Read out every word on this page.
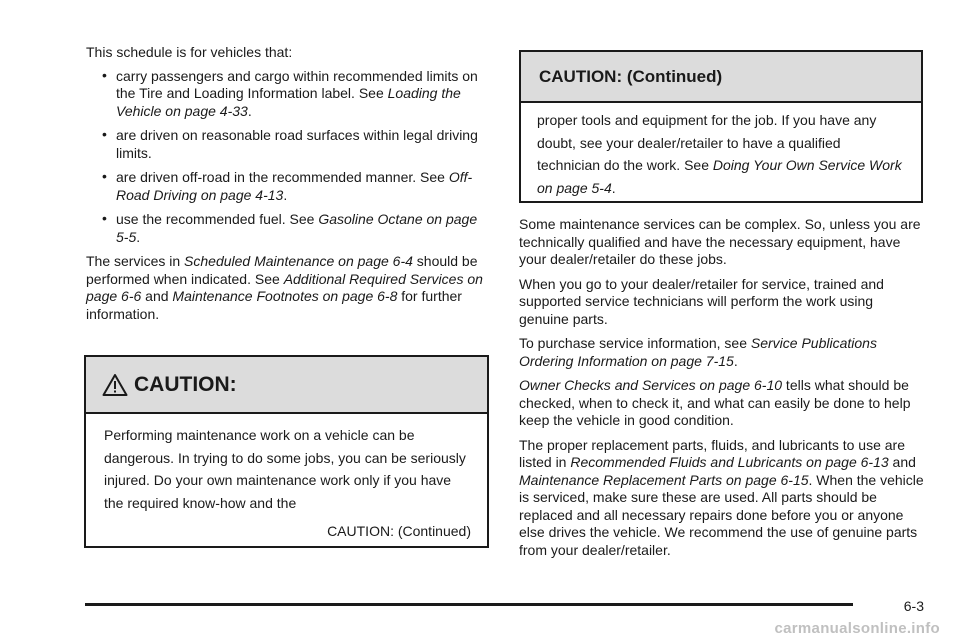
This schedule is for vehicles that:

• carry passengers and cargo within recommended limits on the Tire and Loading Information label. See Loading the Vehicle on page 4-33.
• are driven on reasonable road surfaces within legal driving limits.
• are driven off-road in the recommended manner. See Off-Road Driving on page 4-13.
• use the recommended fuel. See Gasoline Octane on page 5-5.

The services in Scheduled Maintenance on page 6-4 should be performed when indicated. See Additional Required Services on page 6-6 and Maintenance Footnotes on page 6-8 for further information.

CAUTION:

Performing maintenance work on a vehicle can be dangerous. In trying to do some jobs, you can be seriously injured. Do your own maintenance work only if you have the required know-how and the

CAUTION: (Continued)

CAUTION: (Continued)

proper tools and equipment for the job. If you have any doubt, see your dealer/retailer to have a qualified technician do the work. See Doing Your Own Service Work on page 5-4.

Some maintenance services can be complex. So, unless you are technically qualified and have the necessary equipment, have your dealer/retailer do these jobs.

When you go to your dealer/retailer for service, trained and supported service technicians will perform the work using genuine parts.

To purchase service information, see Service Publications Ordering Information on page 7-15.

Owner Checks and Services on page 6-10 tells what should be checked, when to check it, and what can easily be done to help keep the vehicle in good condition.

The proper replacement parts, fluids, and lubricants to use are listed in Recommended Fluids and Lubricants on page 6-13 and Maintenance Replacement Parts on page 6-15. When the vehicle is serviced, make sure these are used. All parts should be replaced and all necessary repairs done before you or anyone else drives the vehicle. We recommend the use of genuine parts from your dealer/retailer.

6-3
carmanualsonline.info
